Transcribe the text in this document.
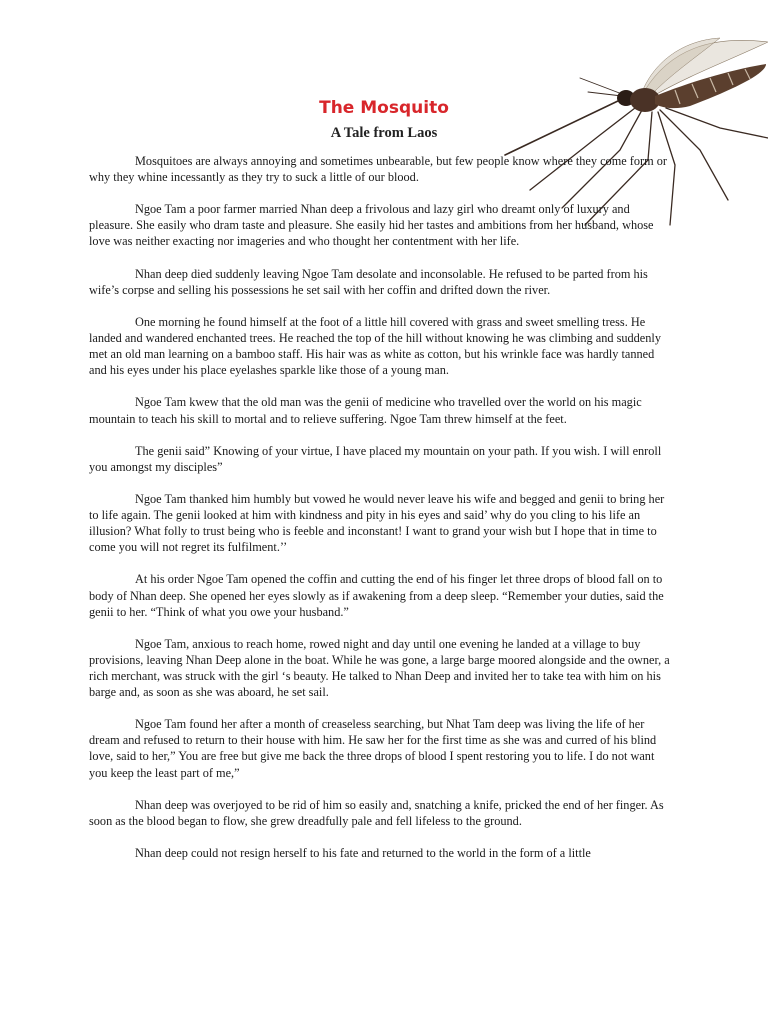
The Mosquito
A Tale from Laos

Mosquitoes are always annoying and sometimes unbearable, but few people know where they come form or why they whine incessantly as they try to suck a little of our blood.

Ngoe Tam a poor farmer married Nhan deep a frivolous and lazy girl who dreamt only of luxury and pleasure. She easily who dram taste and pleasure. She easily hid her tastes and ambitions from her husband, whose love was neither exacting nor imageries and who thought her contentment with her life.

Nhan deep died suddenly leaving Ngoe Tam desolate and inconsolable. He refused to be parted from his wife’s corpse and selling his possessions he set sail with her coffin and drifted down the river.

One morning he found himself at the foot of a little hill covered with grass and sweet smelling tress. He landed and wandered enchanted trees. He reached the top of the hill without knowing he was climbing and suddenly met an old man learning on a bamboo staff. His hair was as white as cotton, but his wrinkle face was hardly tanned and his eyes under his place eyelashes sparkle like those of a young man.

Ngoe Tam kwew that the old man was the genii of medicine who travelled over the world on his magic mountain to teach his skill to mortal and to relieve suffering. Ngoe Tam threw himself at the feet.

The genii said” Knowing of your virtue, I have placed my mountain on your path. If you wish. I will enroll you amongst my disciples”

Ngoe Tam thanked him humbly but vowed he would never leave his wife and begged and genii to bring her to life again. The genii looked at him with kindness and pity in his eyes and said’ why do you cling to his life an illusion? What folly to trust being who is feeble and inconstant! I want to grand your wish but I hope that in time to come you will not regret its fulfilment.’’

At his order Ngoe Tam opened the coffin and cutting the end of his finger let three drops of blood fall on to body of Nhan deep. She opened her eyes slowly as if awakening from a deep sleep. “Remember your duties, said the genii to her. “Think of what you owe your husband.”

Ngoe Tam, anxious to reach home, rowed night and day until one evening he landed at a village to buy provisions, leaving Nhan Deep alone in the boat. While he was gone, a large barge moored alongside and the owner, a rich merchant, was struck with the girl ‘s beauty. He talked to Nhan Deep and invited her to take tea with him on his barge and, as soon as she was aboard, he set sail.

Ngoe Tam found her after a month of creaseless searching, but Nhat Tam deep was living the life of her dream and refused to return to their house with him. He saw her for the first time as she was and curred of his blind love, said to her,” You are free but give me back the three drops of blood I spent restoring you to life. I do not want you keep the least part of me,”

Nhan deep was overjoyed to be rid of him so easily and, snatching a knife, pricked the end of her finger. As soon as the blood began to flow, she grew dreadfully pale and fell lifeless to the ground.

Nhan deep could not resign herself to his fate and returned to the world in the form of a little
